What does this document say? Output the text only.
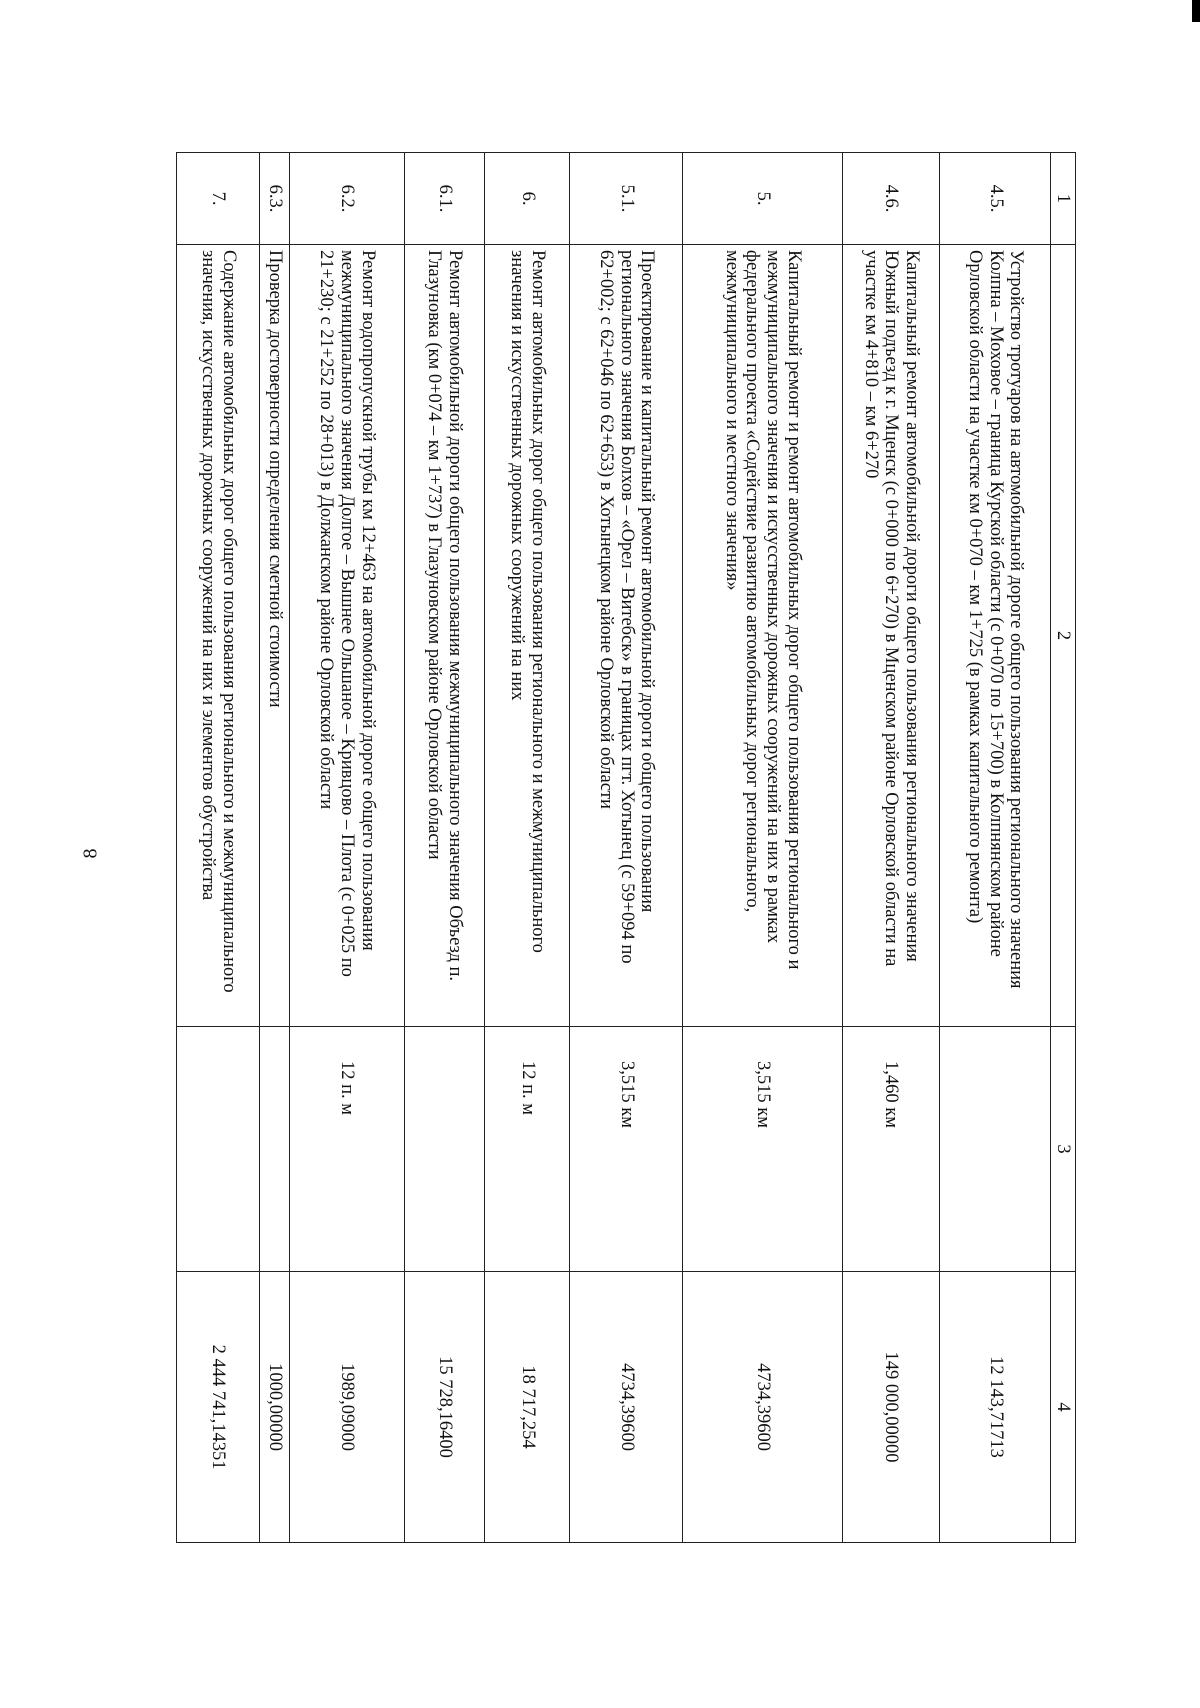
8
1	2	3	4
4.5.	Устройство тротуаров на автомобильной дороге общего пользования регионального значения Колпна – Моховое – граница Курской области (с 0+070 по 15+700) в Колпнянском районе Орловской области на участке км 0+070 – км 1+725 (в рамках капитального ремонта)		12 143,71713
4.6.	Капитальный ремонт автомобильной дороги общего пользования регионального значения Южный подъезд к г. Мценск (с 0+000 по 6+270) в Мценском районе Орловской области на участке км 4+810 – км 6+270	1,460 км	149 000,00000
5.	Капитальный ремонт и ремонт автомобильных дорог общего пользования регионального и межмуниципального значения и искусственных дорожных сооружений на них в рамках федерального проекта «Содействие развитию автомобильных дорог регионального, межмуниципального и местного значения»	3,515 км	4734,39600
5.1.	Проектирование и капитальный ремонт автомобильной дороги общего пользования регионального значения Болхов – «Орел – Витебск» в границах пгт. Хотынец (с 59+094 по 62+002; с 62+046 по 62+653) в Хотынецком районе Орловской области	3,515 км	4734,39600
6.	Ремонт автомобильных дорог общего пользования регионального и межмуниципального значения и искусственных дорожных сооружений на них	12 п. м	18 717,254
6.1.	Ремонт автомобильной дороги общего пользования межмуниципального значения Объезд п. Глазуновка (км 0+074 – км 1+737) в Глазуновском районе Орловской области		15 728,16400
6.2.	Ремонт водопропускной трубы км 12+463 на автомобильной дороге общего пользования межмуниципального значения Долгое – Вышнее Ольшаное – Кривцово – Плота (с 0+025 по 21+230; с 21+252 по 28+013) в Должанском районе Орловской области	12 п. м	1989,09000
6.3.	Проверка достоверности определения сметной стоимости		1000,00000
7.	Содержание автомобильных дорог общего пользования регионального и межмуниципального значения, искусственных дорожных сооружений на них и элементов обустройства		2 444 741,14351
